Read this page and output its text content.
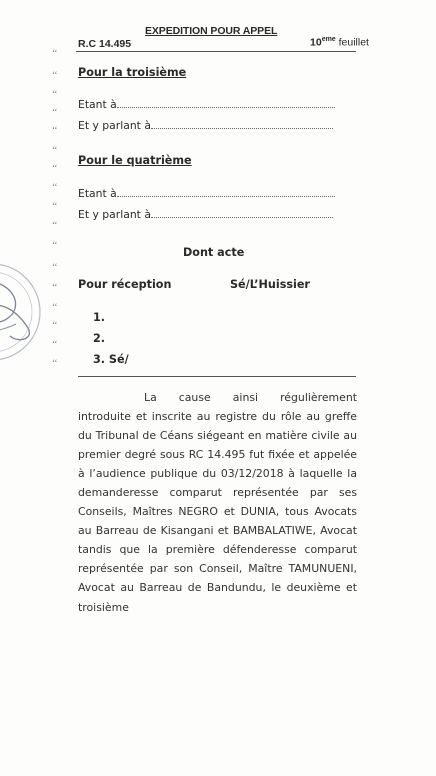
EXPEDITION POUR APPEL
R.C 14.495	10eme feuillet
‘‘
‘‘
‘‘
‘‘
‘‘
‘‘
‘‘
‘‘
‘‘
‘‘
‘‘
‘‘
‘‘
‘‘
‘‘
‘‘
‘‘
Pour la troisième
Etant à
Et y parlant à
Pour le quatrième
Etant à
Et y parlant à
Dont acte
Pour réception	Sé/L’Huissier
1.
2.
3. Sé/

La cause ainsi régulièrement introduite et inscrite au registre du rôle au greffe du Tribunal de Céans siégeant en matière civile au premier degré sous RC 14.495 fut fixée et appelée à l’audience publique du 03/12/2018 à laquelle la demanderesse comparut représentée par ses Conseils, Maîtres NEGRO et DUNIA, tous Avocats au Barreau de Kisangani et BAMBALATIWE, Avocat tandis que la première défenderesse comparut représentée par son Conseil, Maître TAMUNUENI, Avocat au Barreau de Bandundu, le deuxième et troisième
